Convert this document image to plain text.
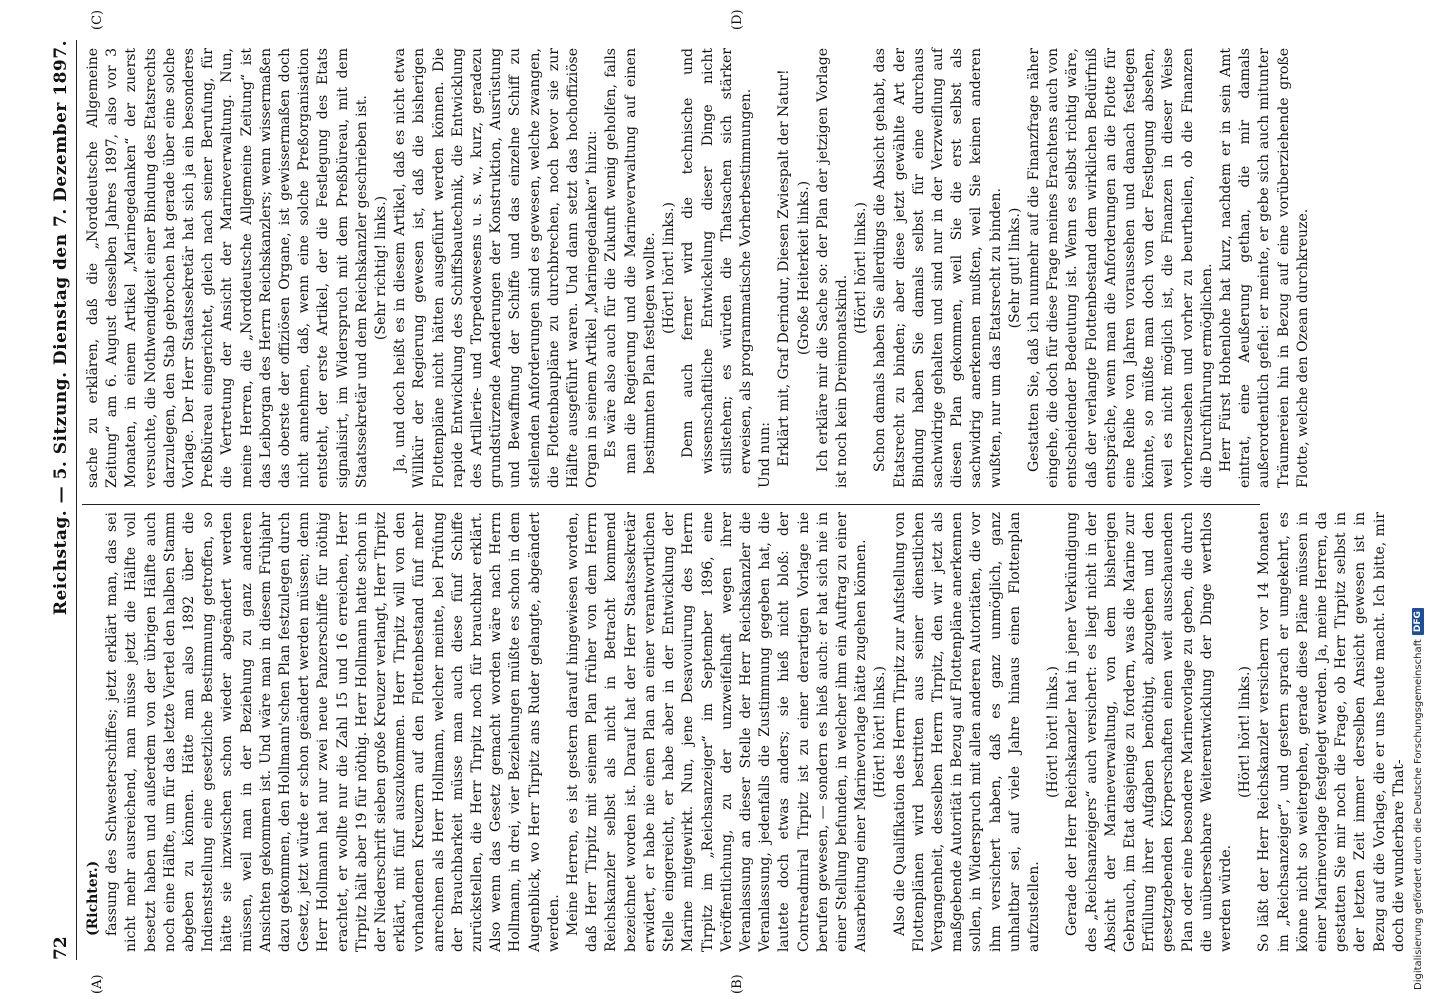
72
Reichstag. — 5. Sitzung. Dienstag den 7. Dezember 1897.
(A)	(B)
(C)	(D)

(Richter.) fassung des Schwesterschiffes; jetzt erklärt man, das sei nicht mehr ausreichend, man müsse jetzt die Hälfte voll besetzt haben und außerdem von der übrigen Hälfte auch noch eine Hälfte, um für das letzte Viertel den halben Stamm abgeben zu können. Hätte man also 1892 über die Indienststellung eine gesetzliche Bestimmung getroffen, so hätte sie inzwischen schon wieder abgeändert werden müssen, weil man in der Beziehung zu ganz anderen Ansichten gekommen ist. Und wäre man in diesem Frühjahr dazu gekommen, den Hollmann'schen Plan festzulegen durch Gesetz, jetzt würde er schon geändert werden müssen; denn Herr Hollmann hat nur zwei neue Panzerschiffe für nöthig erachtet, er wollte nur die Zahl 15 und 16 erreichen, Herr Tirpitz hält aber 19 für nöthig. Herr Hollmann hatte schon in der Niederschrift sieben große Kreuzer verlangt, Herr Tirpitz erklärt, mit fünf auszukommen. Herr Tirpitz will von den vorhandenen Kreuzern auf den Flottenbestand fünf mehr anrechnen als Herr Hollmann, welcher meinte, bei Prüfung der Brauchbarkeit müsse man auch diese fünf Schiffe zurückstellen, die Herr Tirpitz noch für brauchbar erklärt. Also wenn das Gesetz gemacht worden wäre nach Herrn Hollmann, in drei, vier Beziehungen müßte es schon in dem Augenblick, wo Herr Tirpitz ans Ruder gelangte, abgeändert werden. Meine Herren, es ist gestern darauf hingewiesen worden, daß Herr Tirpitz mit seinem Plan früher von dem Herrn Reichskanzler selbst als nicht in Betracht kommend bezeichnet worden ist. Darauf hat der Herr Staatssekretär erwidert, er habe nie einen Plan an einer verantwortlichen Stelle eingereicht, er habe aber in der Entwicklung der Marine mitgewirkt. Nun, jene Desavouirung des Herrn Tirpitz im „Reichsanzeiger“ im September 1896, eine Veröffentlichung, zu der unzweifelhaft wegen ihrer Veranlassung an dieser Stelle der Herr Reichskanzler die Veranlassung, jedenfalls die Zustimmung gegeben hat, die lautete doch etwas anders; sie hieß nicht bloß: der Contreadmiral Tirpitz ist zu einer derartigen Vorlage nie berufen gewesen, — sondern es hieß auch: er hat sich nie in einer Stellung befunden, in welcher ihm ein Auftrag zu einer Ausarbeitung einer Marinevorlage hätte zugehen können. (Hört! hört! links.) Also die Qualifikation des Herrn Tirpitz zur Aufstellung von Flottenplänen wird bestritten aus seiner dienstlichen Vergangenheit, desselben Herrn Tirpitz, den wir jetzt als maßgebende Autorität in Bezug auf Flottenpläne anerkennen sollen, in Widerspruch mit allen anderen Autoritäten, die vor ihm versichert haben, daß es ganz unmöglich, ganz unhaltbar sei, auf viele Jahre hinaus einen Flottenplan aufzustellen.

(Hört! hört! links.) Gerade der Herr Reichskanzler hat in jener Verkündigung des „Reichsanzeigers“ auch versichert: es liegt nicht in der Absicht der Marineverwaltung, von dem bisherigen Gebrauch, im Etat dasjenige zu fordern, was die Marine zur Erfüllung ihrer Aufgaben benöthigt, abzugehen und den gesetzgebenden Körperschaften einen weit ausschauenden Plan oder eine besondere Marinevorlage zu geben, die durch die unübersehbare Weiterentwicklung der Dinge werthlos werden würde.

(Hört! hört! links.) So läßt der Herr Reichskanzler versichern vor 14 Monaten im „Reichsanzeiger“, und gestern sprach er umgekehrt, es könne nicht so weitergehen, gerade diese Pläne müssen in einer Marinevorlage festgelegt werden. Ja, meine Herren, da gestatten Sie mir noch die Frage, ob Herr Tirpitz selbst in der letzten Zeit immer derselben Ansicht gewesen ist in Bezug auf die Vorlage, die er uns heute macht. Ich bitte, mir doch die wunderbare That-

sache zu erklären, daß die „Norddeutsche Allgemeine Zeitung“ am 6. August desselben Jahres 1897, also vor 3 Monaten, in einem Artikel „Marinegedanken“ der zuerst versuchte, die Nothwendigkeit einer Bindung des Etatsrechts darzulegen, den Stab gebrochen hat gerade über eine solche Vorlage. Der Herr Staatssekretär hat sich ja ein besonderes Preßbüreau eingerichtet, gleich nach seiner Berufung, für die Vertretung der Ansicht der Marineverwaltung. Nun, meine Herren, die „Norddeutsche Allgemeine Zeitung“ ist das Leiborgan des Herrn Reichskanzlers; wenn wissermaßen das oberste der offiziösen Organe, ist gewissermaßen doch nicht annehmen, daß, wenn eine solche Preßorganisation entsteht, der erste Artikel, der die Festlegung des Etats signalisirt, im Widerspruch mit dem Preßbüreau, mit dem Staatssekretär und dem Reichskanzler geschrieben ist. (Sehr richtig! links.) Ja, und doch heißt es in diesem Artikel, daß es nicht etwa Willkür der Regierung gewesen ist, daß die bisherigen Flottenpläne nicht hätten ausgeführt werden können. Die rapide Entwicklung des Schiffsbautechnik, die Entwicklung des Artillerie- und Torpedowesens u. s. w., kurz, geradezu grundstürzende Aenderungen der Konstruktion, Ausrüstung und Bewaffnung der Schiffe und das einzelne Schiff zu stellenden Anforderungen sind es gewesen, welche zwangen, die Flottenbaupläne zu durchbrechen, noch bevor sie zur Hälfte ausgeführt waren. Und dann setzt das hochoffiziöse Organ in seinem Artikel „Marinegedanken“ hinzu: Es wäre also auch für die Zukunft wenig geholfen, falls man die Regierung und die Marineverwaltung auf einen bestimmten Plan festlegen wollte. (Hört! hört! links.) Denn auch ferner wird die technische und wissenschaftliche Entwickelung dieser Dinge nicht stillstehen; es würden die Thatsachen sich stärker erweisen, als programmatische Vorherbestimmungen. Und nun: Erklärt mit, Graf Derindur, Diesen Zwiespalt der Natur! (Große Heiterkeit links.) Ich erkläre mir die Sache so: der Plan der jetzigen Vorlage ist noch kein Dreimonatskind.

(Hört! hört! links.) Schon damals haben Sie allerdings die Absicht gehabt, das Etatsrecht zu binden; aber diese jetzt gewählte Art der Bindung haben Sie damals selbst für eine durchaus sachwidrige gehalten und sind nur in der Verzweiflung auf diesen Plan gekommen, weil Sie die erst selbst als sachwidrig anerkennen mußten, weil Sie keinen anderen wußten, nur um das Etatsrecht zu binden. (Sehr gut! links.) Gestatten Sie, daß ich nunmehr auf die Finanzfrage näher eingehe, die doch für diese Frage meines Erachtens auch von entscheidender Bedeutung ist. Wenn es selbst richtig wäre, daß der verlangte Flottenbestand dem wirklichen Bedürfniß entspräche, wenn man die Anforderungen an die Flotte für eine Reihe von Jahren voraussehen und danach festlegen könnte, so müßte man doch von der Festlegung absehen, weil es nicht möglich ist, die Finanzen in dieser Weise vorherzusehen und vorher zu beurtheilen, ob die Finanzen die Durchführung ermöglichen. Herr Fürst Hohenlohe hat kurz, nachdem er in sein Amt eintrat, eine Aeußerung gethan, die mir damals außerordentlich gefiel: er meinte, er gebe sich auch mitunter Träumereien hin in Bezug auf eine vorüberziehende große Flotte, welche den Ozean durchkreuze.

Digitalisierung gefördert durch die Deutsche Forschungsgemeinschaft
DFG
